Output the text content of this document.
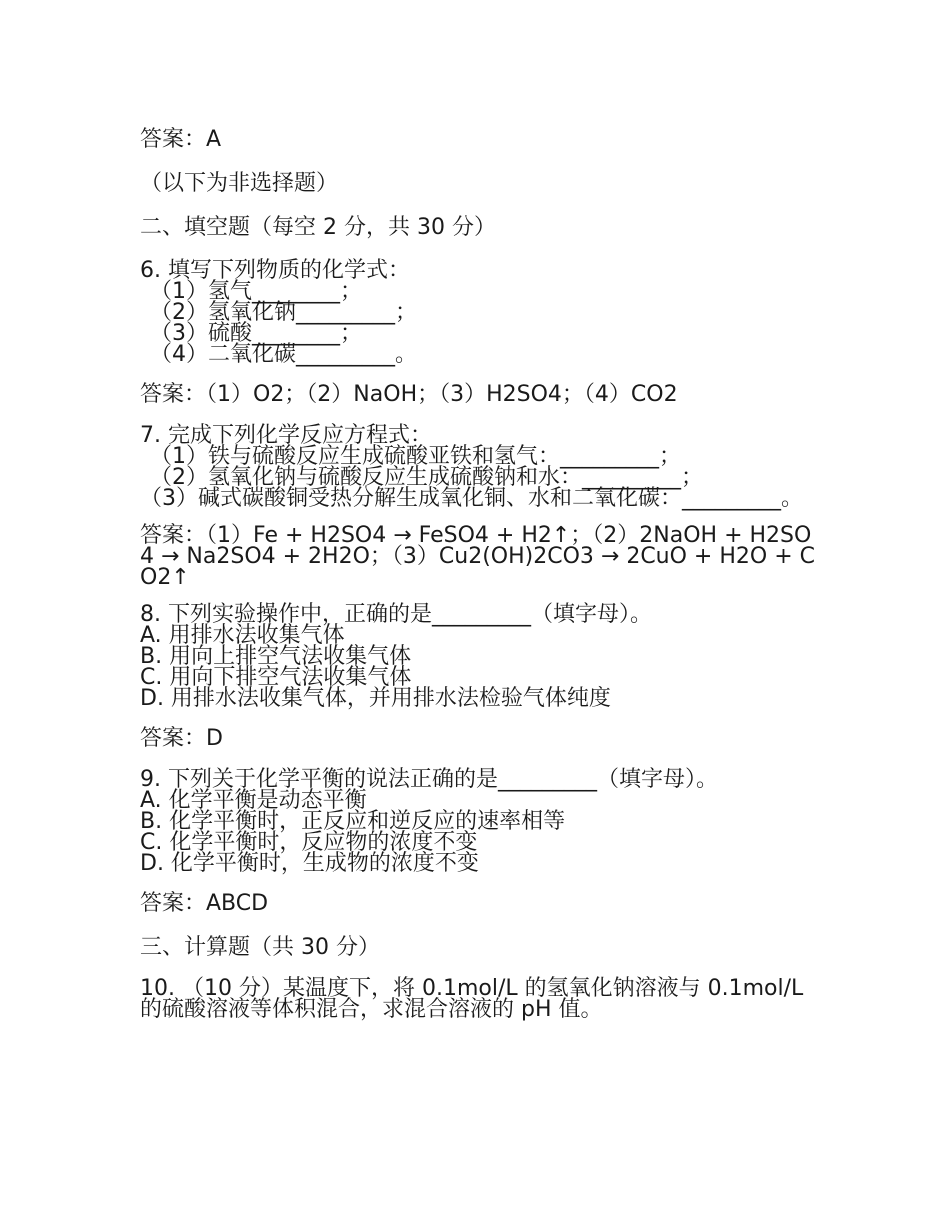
答案：A

（以下为非选择题）

二、填空题（每空 2 分，共 30 分）

6. 填写下列物质的化学式：

（1）氢气________；

（2）氢氧化钠_________；

（3）硫酸________；

（4）二氧化碳_________。

答案：（1）O2；（2）NaOH；（3）H2SO4；（4）CO2

7. 完成下列化学反应方程式：

（1）铁与硫酸反应生成硫酸亚铁和氢气：_________；

（2）氢氧化钠与硫酸反应生成硫酸钠和水：_________；

（3）碱式碳酸铜受热分解生成氧化铜、水和二氧化碳：_________。

答案：（1）Fe + H2SO4 → FeSO4 + H2↑；（2）2NaOH + H2SO4 → Na2SO4 + 2H2O；（3）Cu2(OH)2CO3 → 2CuO + H2O + CO2↑

8. 下列实验操作中，正确的是_________（填字母）。

A. 用排水法收集气体

B. 用向上排空气法收集气体

C. 用向下排空气法收集气体

D. 用排水法收集气体，并用排水法检验气体纯度

答案：D

9. 下列关于化学平衡的说法正确的是_________（填字母）。

A. 化学平衡是动态平衡

B. 化学平衡时，正反应和逆反应的速率相等

C. 化学平衡时，反应物的浓度不变

D. 化学平衡时，生成物的浓度不变

答案：ABCD

三、计算题（共 30 分）

10. （10 分）某温度下，将 0.1mol/L 的氢氧化钠溶液与 0.1mol/L 的硫酸溶液等体积混合，求混合溶液的 pH 值。
